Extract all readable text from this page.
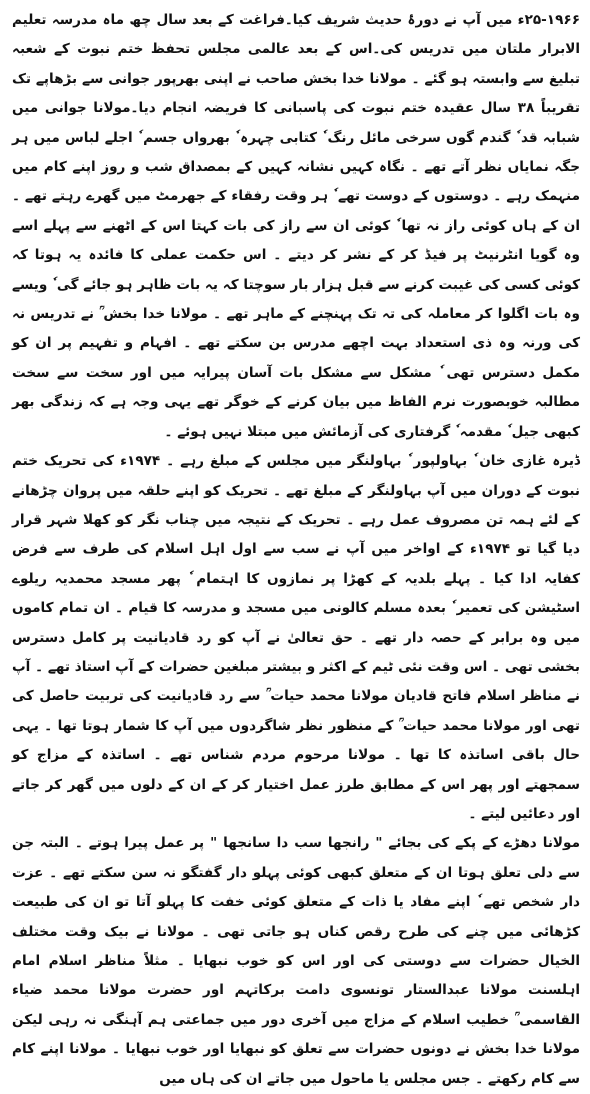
۲۵-۱۹۶۶ء میں آپ نے دورۂ حدیث شریف کیا۔فراغت کے بعد سال چھ ماہ مدرسہ تعلیم الابرار ملتان میں تدریس کی۔اس کے بعد عالمی مجلس تحفظ ختم نبوت کے شعبہ تبلیغ سے وابستہ ہو گئے ۔ مولانا خدا بخش صاحب نے اپنی بھرپور جوانی سے بڑھاپے تک تقریباً ۳۸ سال عقیدہ ختم نبوت کی پاسبانی کا فریضہ انجام دیا۔مولانا جوانی میں شبابہ قد ٗ گندم گوں سرخی مائل رنگ ٗ کتابی چہرہ ٗ بھرواں جسم ٗ اجلے لباس میں ہر جگہ نمایاں نظر آتے تھے ۔ نگاہ کہیں نشانہ کہیں کے بمصداق شب و روز اپنے کام میں منہمک رہے ۔ دوستوں کے دوست تھے ٗ ہر وقت رفقاء کے جھرمٹ میں گھرے رہتے تھے ۔ ان کے ہاں کوئی راز نہ تھا ٗ کوئی ان سے راز کی بات کہتا اس کے اٹھنے سے پہلے اسے وہ گویا انٹرنیٹ پر فیڈ کر کے نشر کر دیتے ۔ اس حکمت عملی کا فائدہ یہ ہوتا کہ کوئی کسی کی غیبت کرنے سے قبل ہزار بار سوچتا کہ یہ بات ظاہر ہو جائے گی ٗ ویسے وہ بات اگلوا کر معاملہ کی تہ تک پہنچنے کے ماہر تھے ۔ مولانا خدا بخش ؒ نے تدریس نہ کی ورنہ وہ ذی استعداد بہت اچھے مدرس بن سکتے تھے ۔ افہام و تفہیم پر ان کو مکمل دسترس تھی ٗ مشکل سے مشکل بات آسان پیرایہ میں اور سخت سے سخت مطالبہ خوبصورت نرم الفاظ میں بیان کرنے کے خوگر تھے یہی وجہ ہے کہ زندگی بھر کبھی جیل ٗ مقدمہ ٗ گرفتاری کی آزمائش میں مبتلا نہیں ہوئے ۔

ڈیرہ غازی خان ٗ بہاولپور ٗ بہاولنگر میں مجلس کے مبلغ رہے ۔ ۱۹۷۴ء کی تحریک ختم نبوت کے دوران میں آپ بہاولنگر کے مبلغ تھے ۔ تحریک کو اپنے حلقہ میں پروان چڑھانے کے لئے ہمہ تن مصروف عمل رہے ۔ تحریک کے نتیجہ میں چناب نگر کو کھلا شہر قرار دیا گیا تو ۱۹۷۴ء کے اواخر میں آپ نے سب سے اول اہل اسلام کی طرف سے فرض کفایہ ادا کیا ۔ پہلے بلدیہ کے کھڑا پر نمازوں کا اہتمام ٗ پھر مسجد محمدیہ ریلوے اسٹیشن کی تعمیر ٗ بعدہ مسلم کالونی میں مسجد و مدرسہ کا قیام ۔ ان تمام کاموں میں وہ برابر کے حصہ دار تھے ۔ حق تعالیٰ نے آپ کو رد قادیانیت پر کامل دسترس بخشی تھی ۔ اس وقت نئی ٹیم کے اکثر و بیشتر مبلغین حضرات کے آپ استاذ تھے ۔ آپ نے مناظر اسلام فاتح قادیان مولانا محمد حیات ؒ سے رد قادیانیت کی تربیت حاصل کی تھی اور مولانا محمد حیات ؒ کے منظور نظر شاگردوں میں آپ کا شمار ہوتا تھا ۔ یہی حال باقی اساتذہ کا تھا ۔ مولانا مرحوم مردم شناس تھے ۔ اساتذہ کے مزاج کو سمجھتے اور پھر اس کے مطابق طرز عمل اختیار کر کے ان کے دلوں میں گھر کر جاتے اور دعائیں لیتے ۔

مولانا دھڑے کے پکے کی بجائے " رانجھا سب دا سانجھا " پر عمل پیرا ہوتے ۔ البتہ جن سے دلی تعلق ہوتا ان کے متعلق کبھی کوئی پہلو دار گفتگو نہ سن سکتے تھے ۔ عزت دار شخص تھے ٗ اپنے مفاد یا ذات کے متعلق کوئی خفت کا پہلو آتا تو ان کی طبیعت کڑھائی میں چنے کی طرح رقص کناں ہو جاتی تھی ۔ مولانا نے بیک وقت مختلف الخیال حضرات سے دوستی کی اور اس کو خوب نبھایا ۔ مثلاً مناظر اسلام امام اہلسنت مولانا عبدالستار تونسوی دامت برکاتہم اور حضرت مولانا محمد ضیاء القاسمی ؒ خطیب اسلام کے مزاج میں آخری دور میں جماعتی ہم آہنگی نہ رہی لیکن مولانا خدا بخش نے دونوں حضرات سے تعلق کو نبھایا اور خوب نبھایا ۔ مولانا اپنے کام سے کام رکھتے ۔ جس مجلس یا ماحول میں جاتے ان کی ہاں میں
